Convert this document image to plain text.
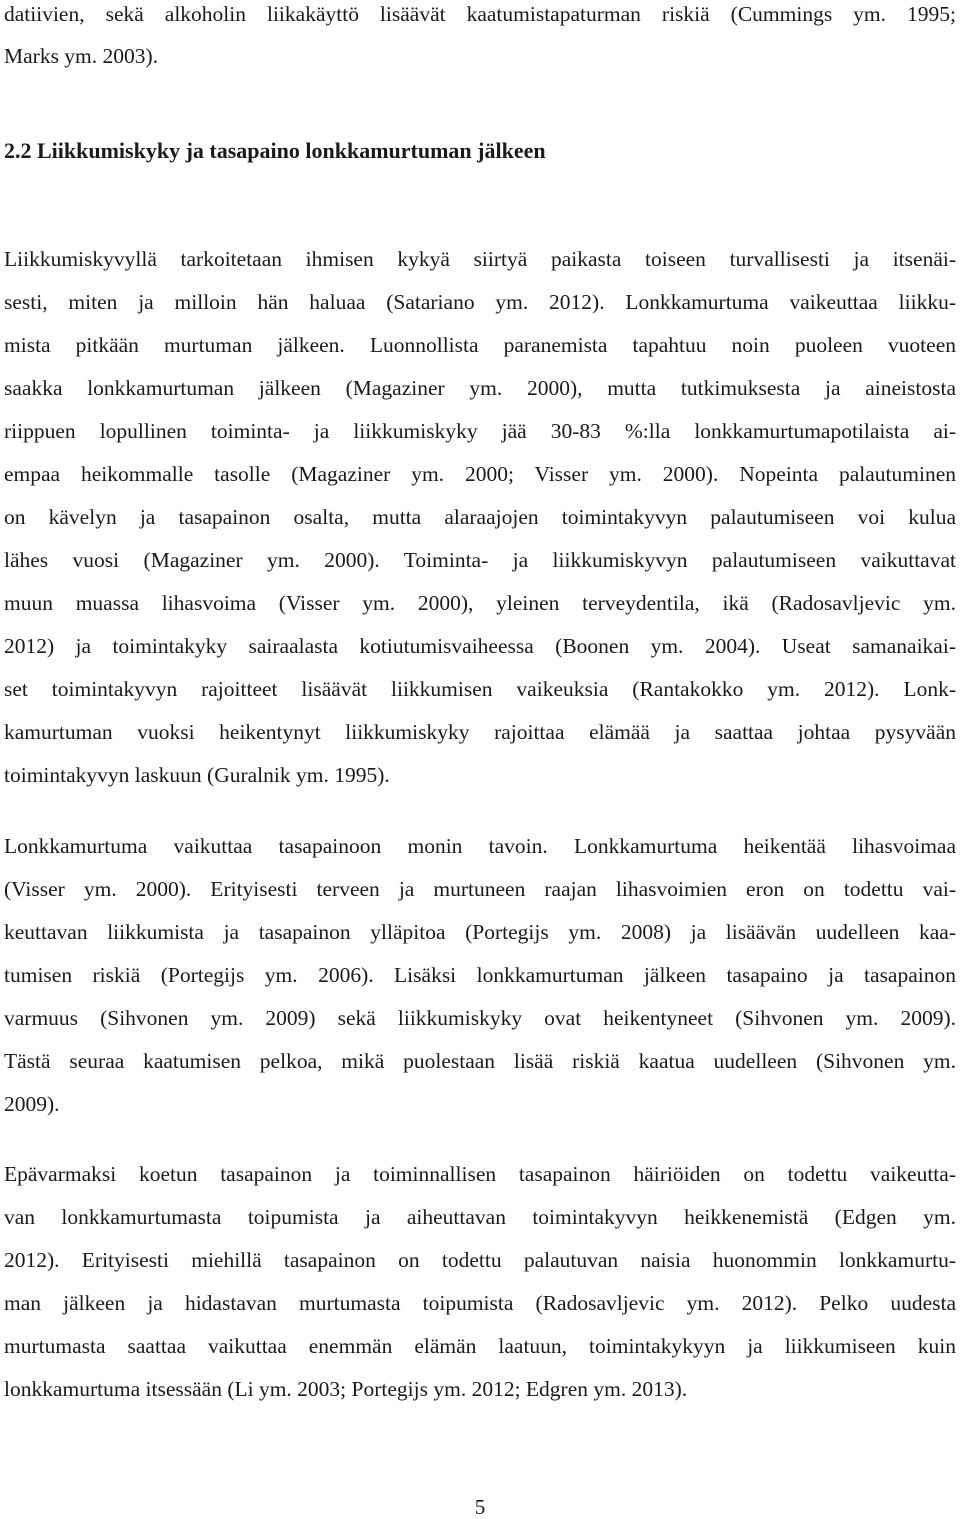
datiivien, sekä alkoholin liikakäyttö lisäävät kaatumistapaturman riskiä (Cummings ym. 1995;
Marks ym. 2003).
2.2 Liikkumiskyky ja tasapaino lonkkamurtuman jälkeen
Liikkumiskyvyllä tarkoitetaan ihmisen kykyä siirtyä paikasta toiseen turvallisesti ja itsenäi-
sesti, miten ja milloin hän haluaa (Satariano ym. 2012). Lonkkamurtuma vaikeuttaa liikku-
mista pitkään murtuman jälkeen. Luonnollista paranemista tapahtuu noin puoleen vuoteen
saakka lonkkamurtuman jälkeen (Magaziner ym. 2000), mutta tutkimuksesta ja aineistosta
riippuen lopullinen toiminta- ja liikkumiskyky jää 30-83 %:lla lonkkamurtumapotilaista ai-
empaa heikommalle tasolle (Magaziner ym. 2000; Visser ym. 2000). Nopeinta palautuminen
on kävelyn ja tasapainon osalta, mutta alaraajojen toimintakyvyn palautumiseen voi kulua
lähes vuosi (Magaziner ym. 2000). Toiminta- ja liikkumiskyvyn palautumiseen vaikuttavat
muun muassa lihasvoima (Visser ym. 2000), yleinen terveydentila, ikä (Radosavljevic ym.
2012) ja toimintakyky sairaalasta kotiutumisvaiheessa (Boonen ym. 2004). Useat samanaikai-
set toimintakyvyn rajoitteet lisäävät liikkumisen vaikeuksia (Rantakokko ym. 2012). Lonk-
kamurtuman vuoksi heikentynyt liikkumiskyky rajoittaa elämää ja saattaa johtaa pysyvään
toimintakyvyn laskuun (Guralnik ym. 1995).
Lonkkamurtuma vaikuttaa tasapainoon monin tavoin. Lonkkamurtuma heikentää lihasvoimaa
(Visser ym. 2000). Erityisesti terveen ja murtuneen raajan lihasvoimien eron on todettu vai-
keuttavan liikkumista ja tasapainon ylläpitoa (Portegijs ym. 2008) ja lisäävän uudelleen kaa-
tumisen riskiä (Portegijs ym. 2006). Lisäksi lonkkamurtuman jälkeen tasapaino ja tasapainon
varmuus (Sihvonen ym. 2009) sekä liikkumiskyky ovat heikentyneet (Sihvonen ym. 2009).
Tästä seuraa kaatumisen pelkoa, mikä puolestaan lisää riskiä kaatua uudelleen (Sihvonen ym.
2009).
Epävarmaksi koetun tasapainon ja toiminnallisen tasapainon häiriöiden on todettu vaikeutta-
van lonkkamurtumasta toipumista ja aiheuttavan toimintakyvyn heikkenemistä (Edgen ym.
2012). Erityisesti miehillä tasapainon on todettu palautuvan naisia huonommin lonkkamurtu-
man jälkeen ja hidastavan murtumasta toipumista (Radosavljevic ym. 2012). Pelko uudesta
murtumasta saattaa vaikuttaa enemmän elämän laatuun, toimintakykyyn ja liikkumiseen kuin
lonkkamurtuma itsessään (Li ym. 2003; Portegijs ym. 2012; Edgren ym. 2013).
5
